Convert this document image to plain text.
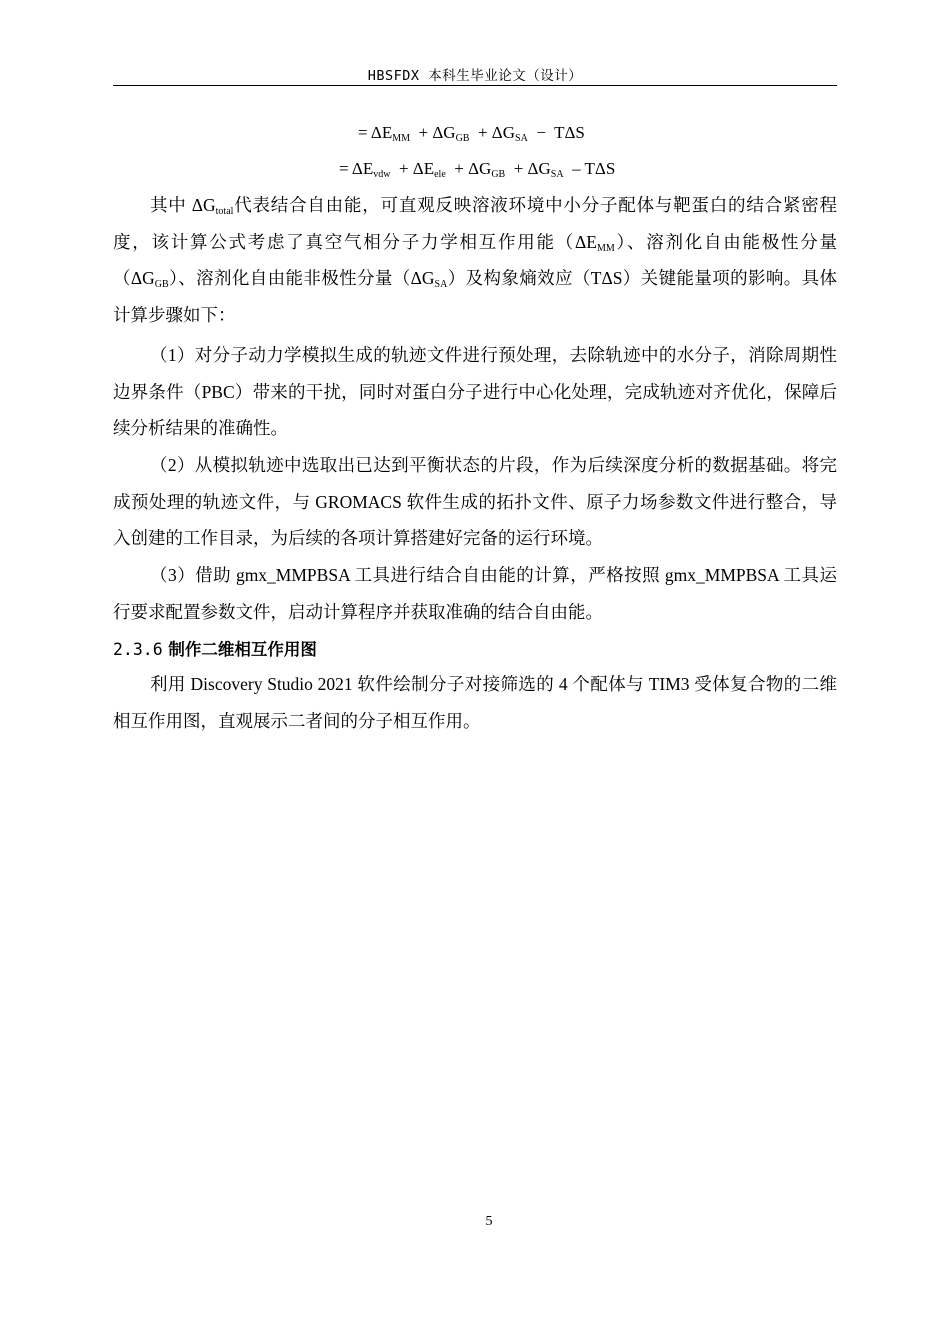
HBSFDX 本科生毕业论文（设计）
= $\Delta E_{MM} + \Delta G_{GB} + \Delta G_{SA} - T\Delta S$
= $\Delta E_{vdw} + \Delta E_{ele} + \Delta G_{GB} + \Delta G_{SA} - T\Delta S$

其中 $\Delta G_{total}$代表结合自由能，可直观反映溶液环境中小分子配体与靶蛋白的结合紧密程度，该计算公式考虑了真空气相分子力学相互作用能$(\Delta E_{MM})$、溶剂化自由能极性分量$(\Delta G_{GB})$、溶剂化自由能非极性分量$(\Delta G_{SA})$及构象熵效应（TΔS）关键能量项的影响。具体计算步骤如下：

（1）对分子动力学模拟生成的轨迹文件进行预处理，去除轨迹中的水分子，消除周期性边界条件（PBC）带来的干扰，同时对蛋白分子进行中心化处理，完成轨迹对齐优化，保障后续分析结果的准确性。

（2）从模拟轨迹中选取出已达到平衡状态的片段，作为后续深度分析的数据基础。将完成预处理的轨迹文件，与 GROMACS 软件生成的拓扑文件、原子力场参数文件进行整合，导入创建的工作目录，为后续的各项计算搭建好完备的运行环境。

（3）借助 gmx_MMPBSA 工具进行结合自由能的计算，严格按照 gmx_MMPBSA 工具运行要求配置参数文件，启动计算程序并获取准确的结合自由能。

2.3.6 制作二维相互作用图

利用 Discovery Studio 2021 软件绘制分子对接筛选的 4 个配体与 TIM3 受体复合物的二维相互作用图，直观展示二者间的分子相互作用。

5
